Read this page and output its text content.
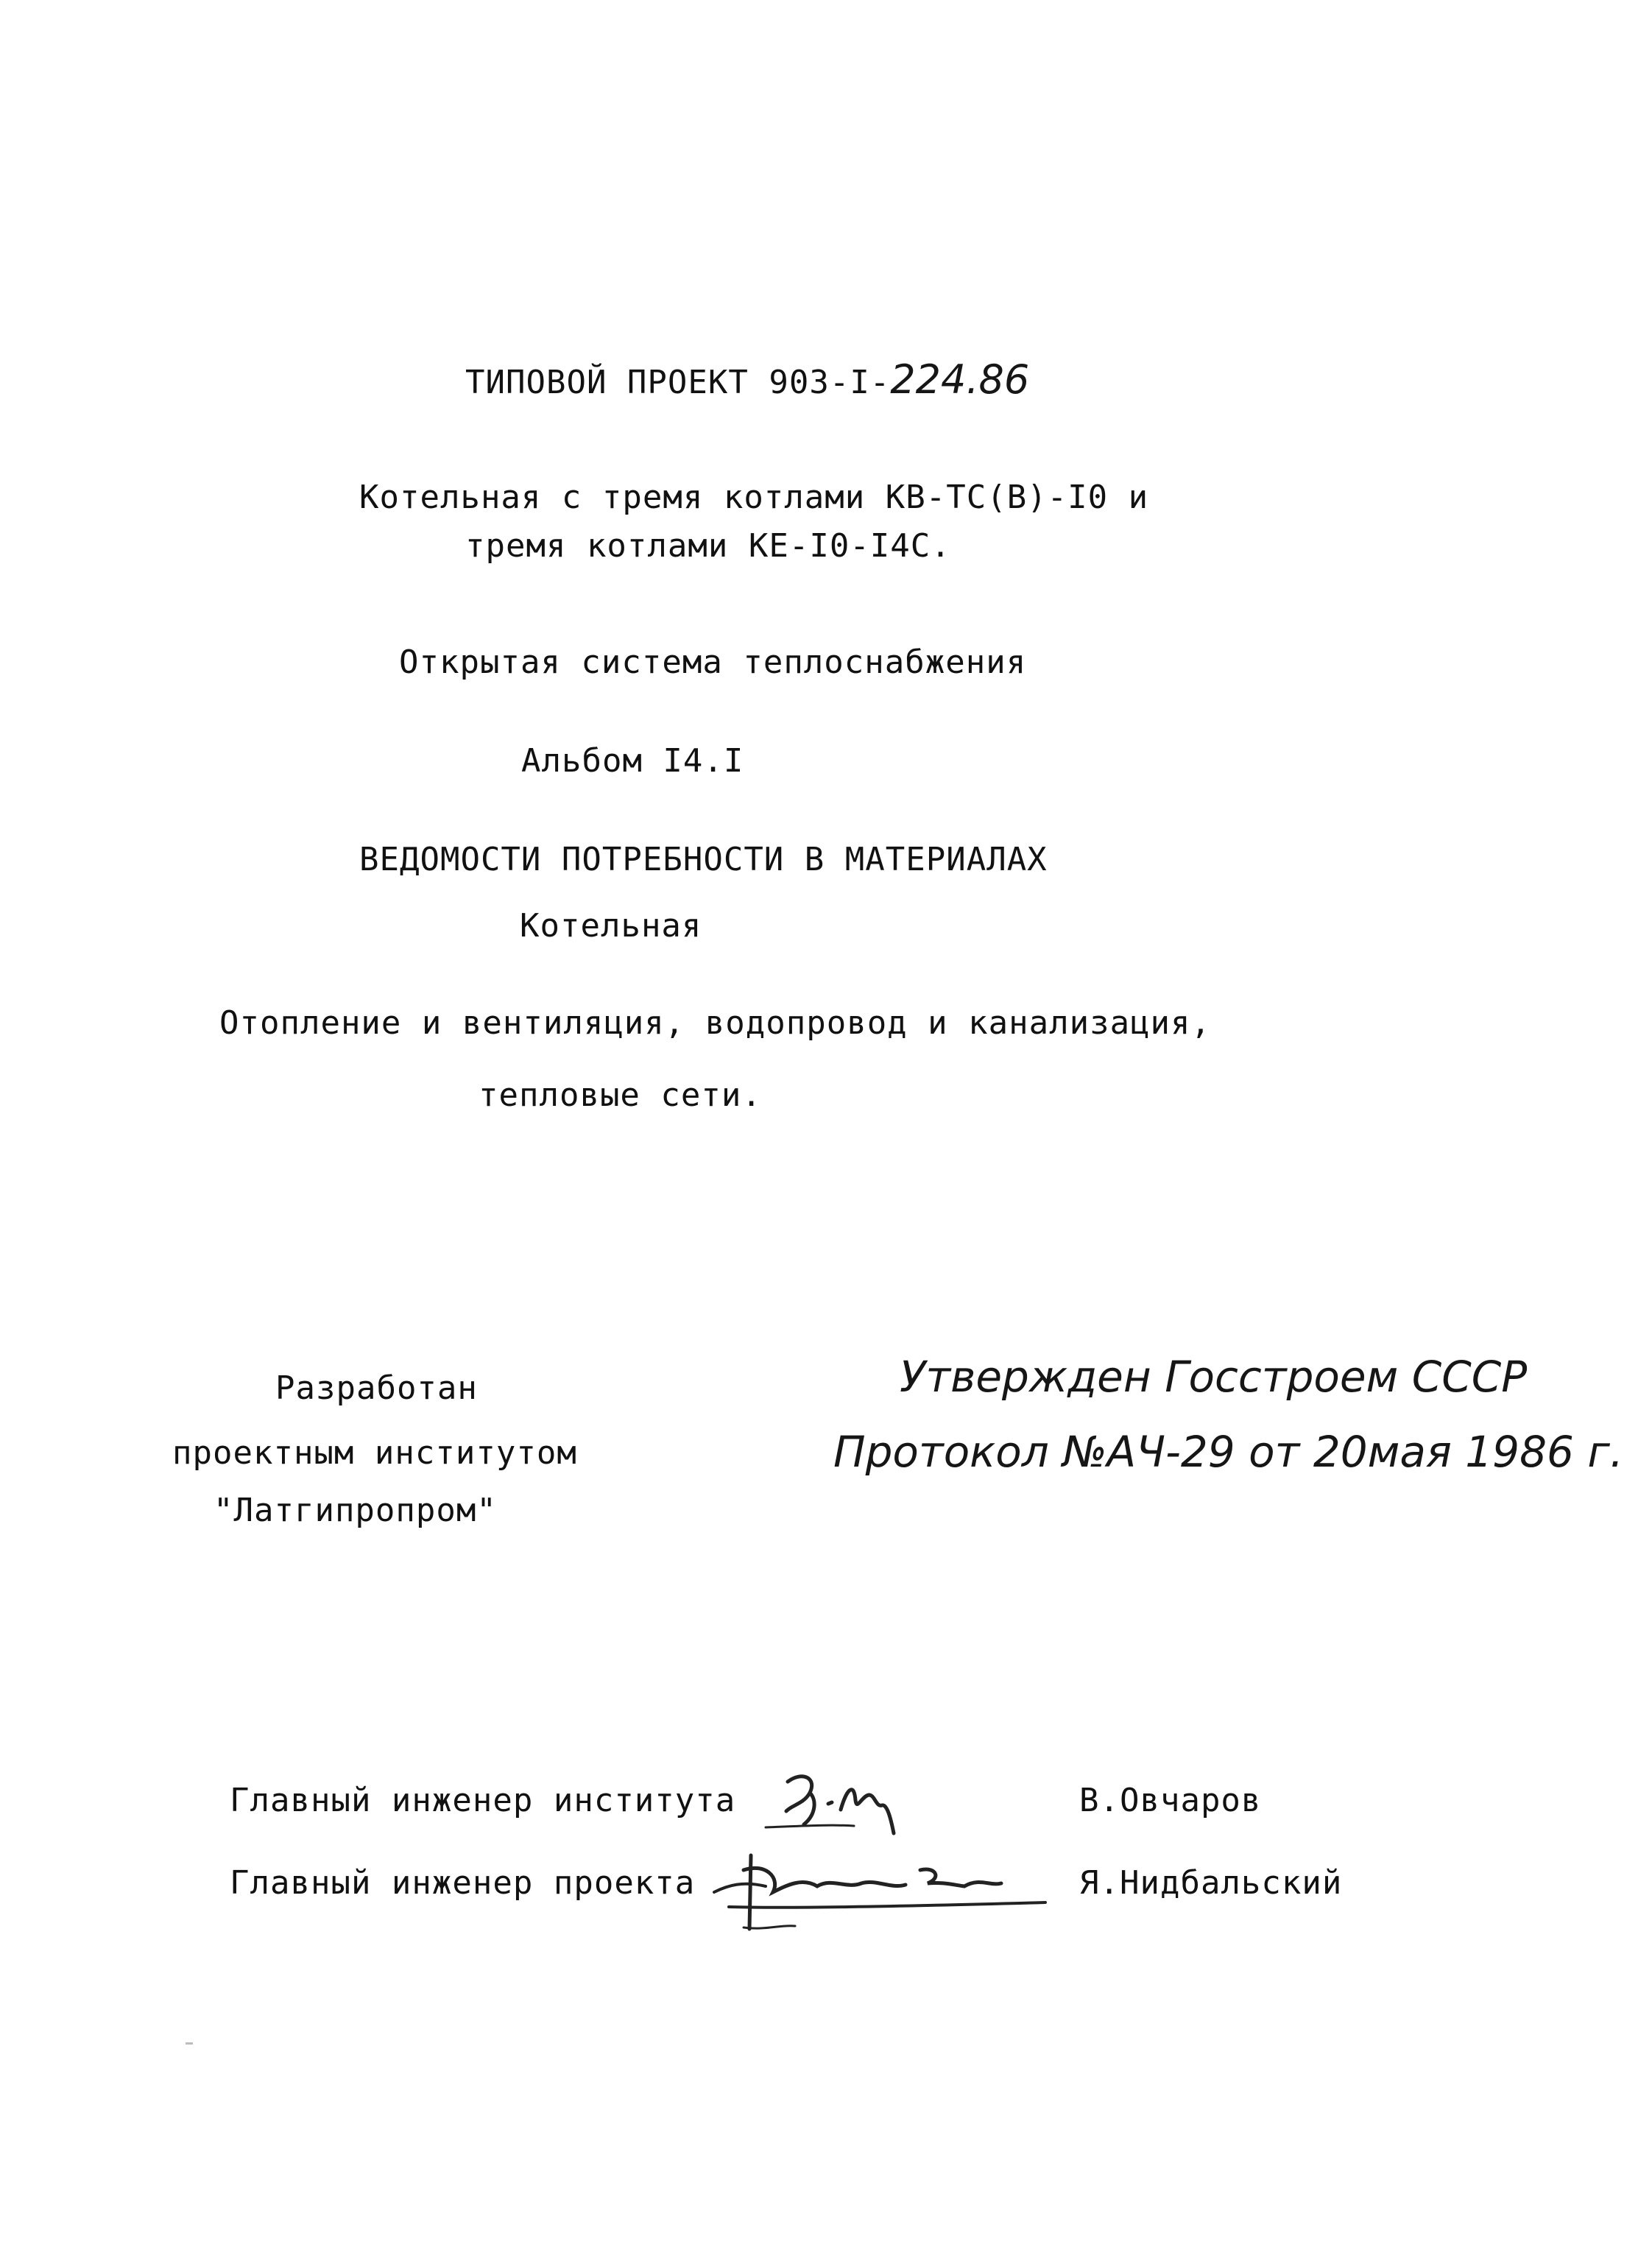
ТИПОВОЙ ПРОЕКТ 903-I-224.86
Котельная с тремя котлами КВ-ТС(В)-I0 и
тремя котлами КЕ-I0-I4С.
Открытая система теплоснабжения
Альбом I4.I
ВЕДОМОСТИ ПОТРЕБНОСТИ В МАТЕРИАЛАХ
Котельная
Отопление и вентиляция, водопровод и канализация,
тепловые сети.
Разработан
проектным институтом
"Латгипропром"
Утвержден Госстроем СССР
Протокол №АЧ-29 от 20мая 1986 г.
Главный инженер института	В.Овчаров
Главный инженер проекта	Я.Нидбальский
